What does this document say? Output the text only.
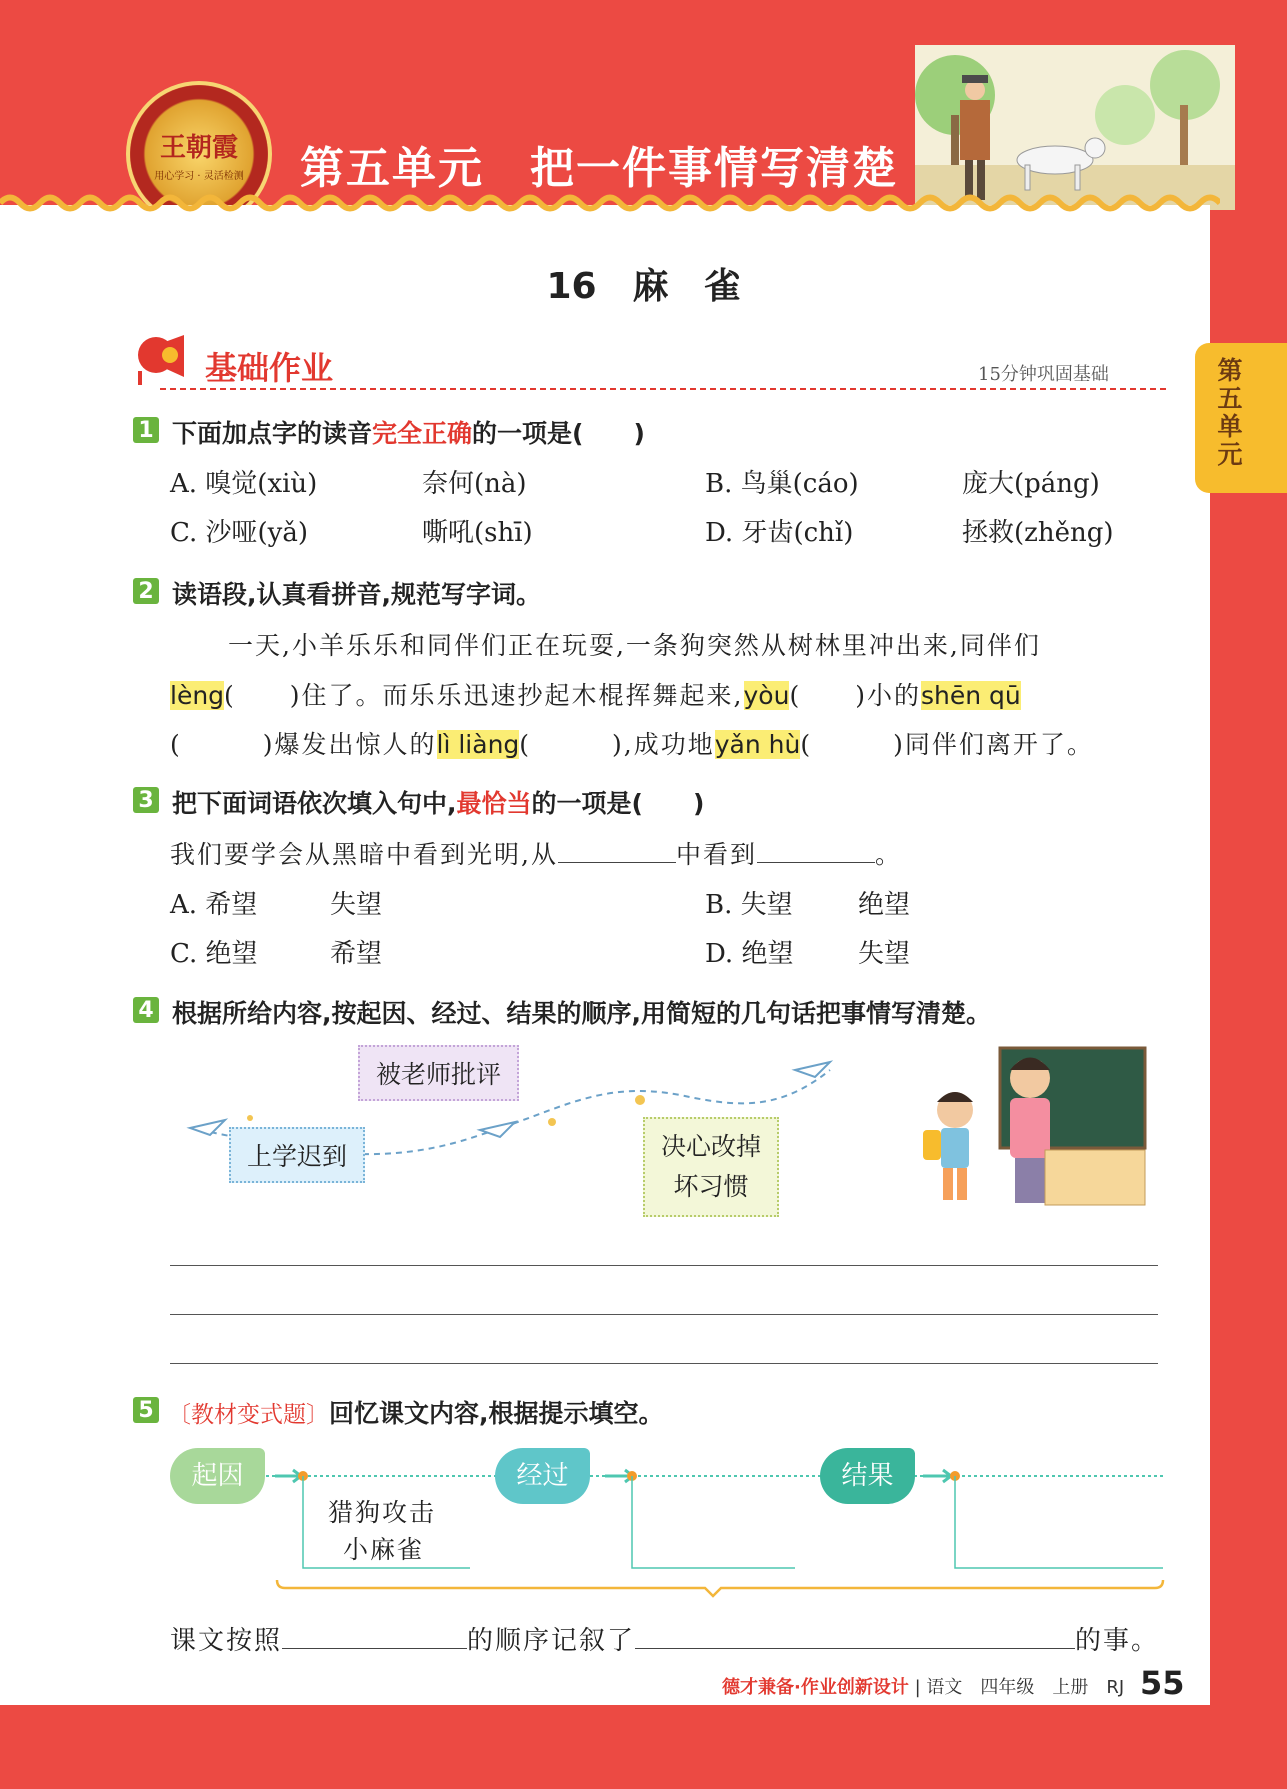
王朝霞
用心学习 · 灵活检测	第五单元　把一件事情写清楚
第五单元
16　麻　雀
基础作业	15分钟巩固基础
1 下面加点字的读音完全正确的一项是(　　)
A. 嗅觉(xiù)	奈何(nà)	B. 鸟巢(cáo)	庞大(páng)
C. 沙哑(yǎ)	嘶吼(shī)	D. 牙齿(chǐ)	拯救(zhěng)
2 读语段,认真看拼音,规范写字词。
一天,小羊乐乐和同伴们正在玩耍,一条狗突然从树林里冲出来,同伴们
lèng(　　)住了。而乐乐迅速抄起木棍挥舞起来,yòu(　　)小的shēn qū
(　　　)爆发出惊人的lì liàng(　　　),成功地yǎn hù(　　　)同伴们离开了。
3 把下面词语依次填入句中,最恰当的一项是(　　)
我们要学会从黑暗中看到光明,从	中看到	。
A. 希望	失望	B. 失望	绝望
C. 绝望	希望	D. 绝望 失望
4 根据所给内容,按起因、经过、结果的顺序,用简短的几句话把事情写清楚。
上学迟到
被老师批评
决心改掉
坏习惯
5 〔教材变式题〕回忆课文内容,根据提示填空。
起因	经过	结果
猎狗攻击
小麻雀
课文按照	的顺序记叙了	的事。
德才兼备·作业创新设计 | 语文　四年级　上册　RJ 55
